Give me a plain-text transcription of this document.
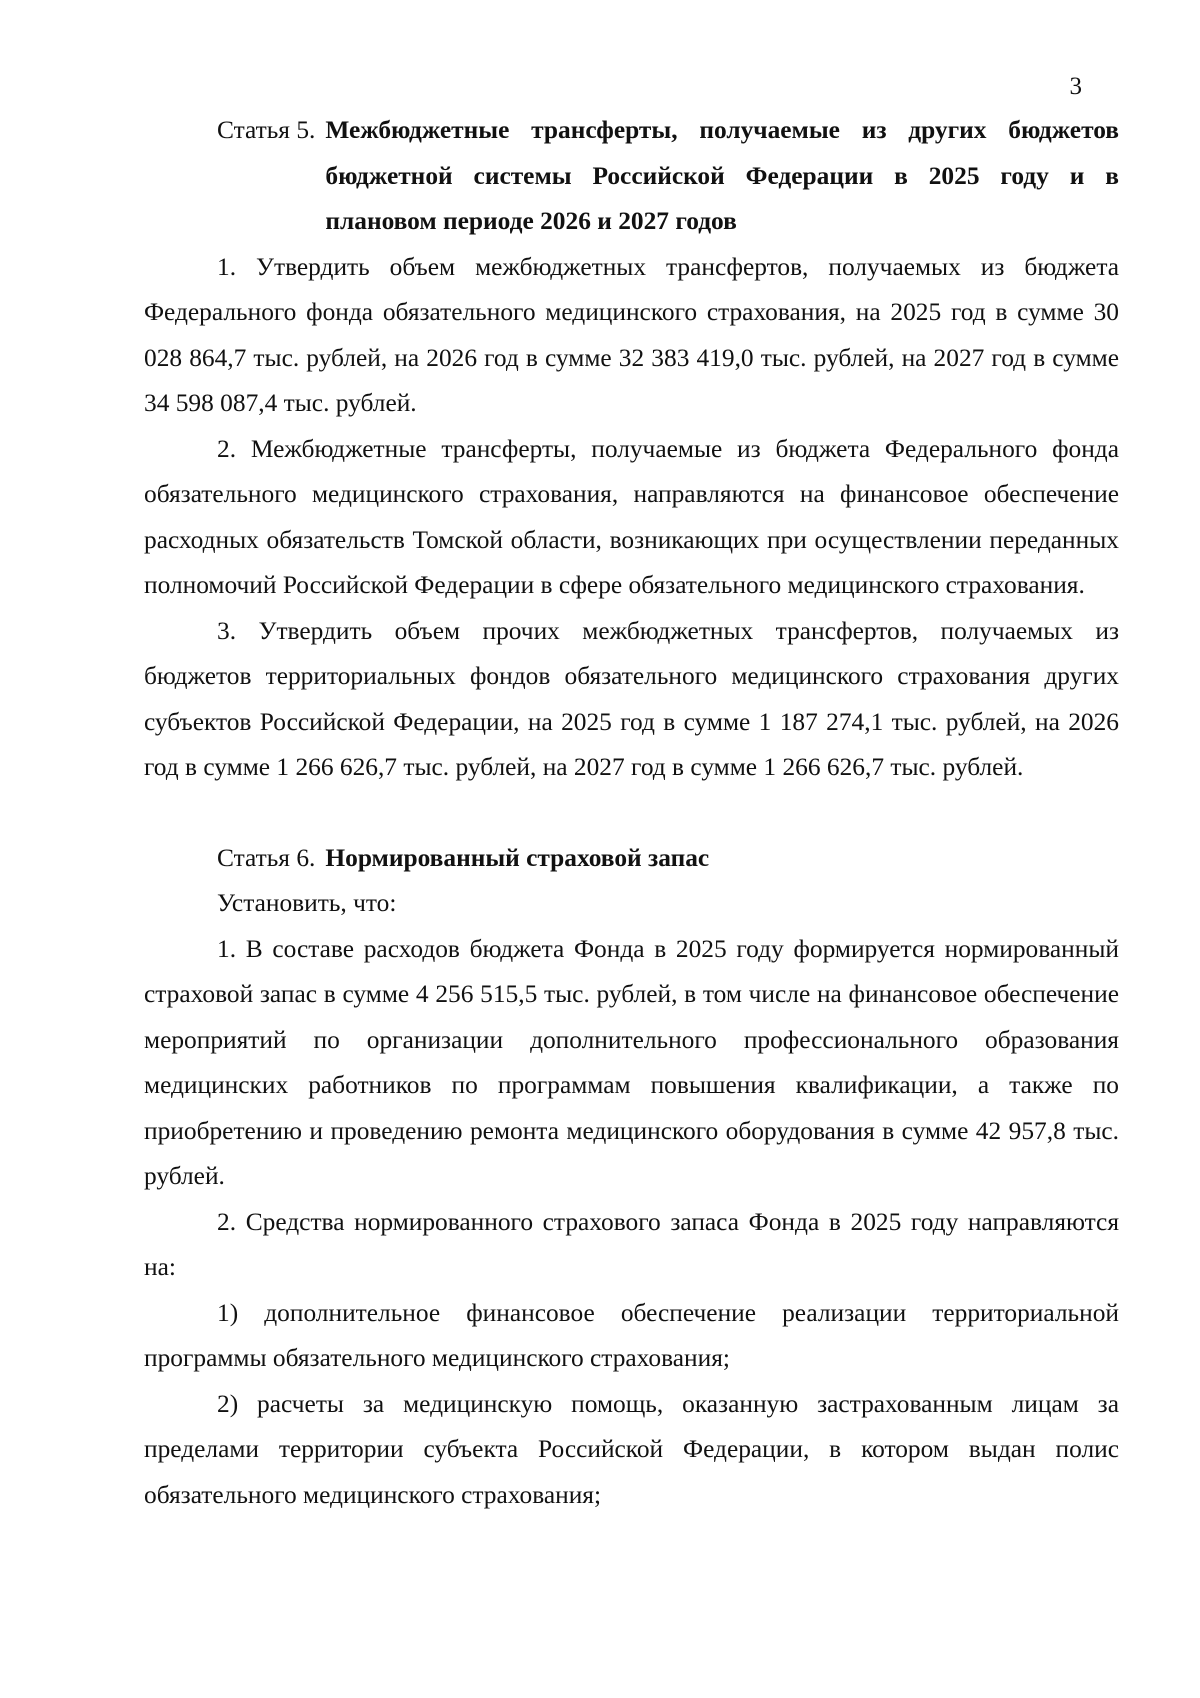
3
Статья 5. Межбюджетные трансферты, получаемые из других бюджетов бюджетной системы Российской Федерации в 2025 году и в плановом периоде 2026 и 2027 годов

1. Утвердить объем межбюджетных трансфертов, получаемых из бюджета Федерального фонда обязательного медицинского страхования, на 2025 год в сумме 30 028 864,7 тыс. рублей, на 2026 год в сумме 32 383 419,0 тыс. рублей, на 2027 год в сумме 34 598 087,4 тыс. рублей.

2. Межбюджетные трансферты, получаемые из бюджета Федерального фонда обязательного медицинского страхования, направляются на финансовое обеспечение расходных обязательств Томской области, возникающих при осуществлении переданных полномочий Российской Федерации в сфере обязательного медицинского страхования.

3. Утвердить объем прочих межбюджетных трансфертов, получаемых из бюджетов территориальных фондов обязательного медицинского страхования других субъектов Российской Федерации, на 2025 год в сумме 1 187 274,1 тыс. рублей, на 2026 год в сумме 1 266 626,7 тыс. рублей, на 2027 год в сумме 1 266 626,7 тыс. рублей.

Статья 6. Нормированный страховой запас

Установить, что:

1. В составе расходов бюджета Фонда в 2025 году формируется нормированный страховой запас в сумме 4 256 515,5 тыс. рублей, в том числе на финансовое обеспечение мероприятий по организации дополнительного профессионального образования медицинских работников по программам повышения квалификации, а также по приобретению и проведению ремонта медицинского оборудования в сумме 42 957,8 тыс. рублей.

2. Средства нормированного страхового запаса Фонда в 2025 году направляются на:

1) дополнительное финансовое обеспечение реализации территориальной программы обязательного медицинского страхования;

2) расчеты за медицинскую помощь, оказанную застрахованным лицам за пределами территории субъекта Российской Федерации, в котором выдан полис обязательного медицинского страхования;
